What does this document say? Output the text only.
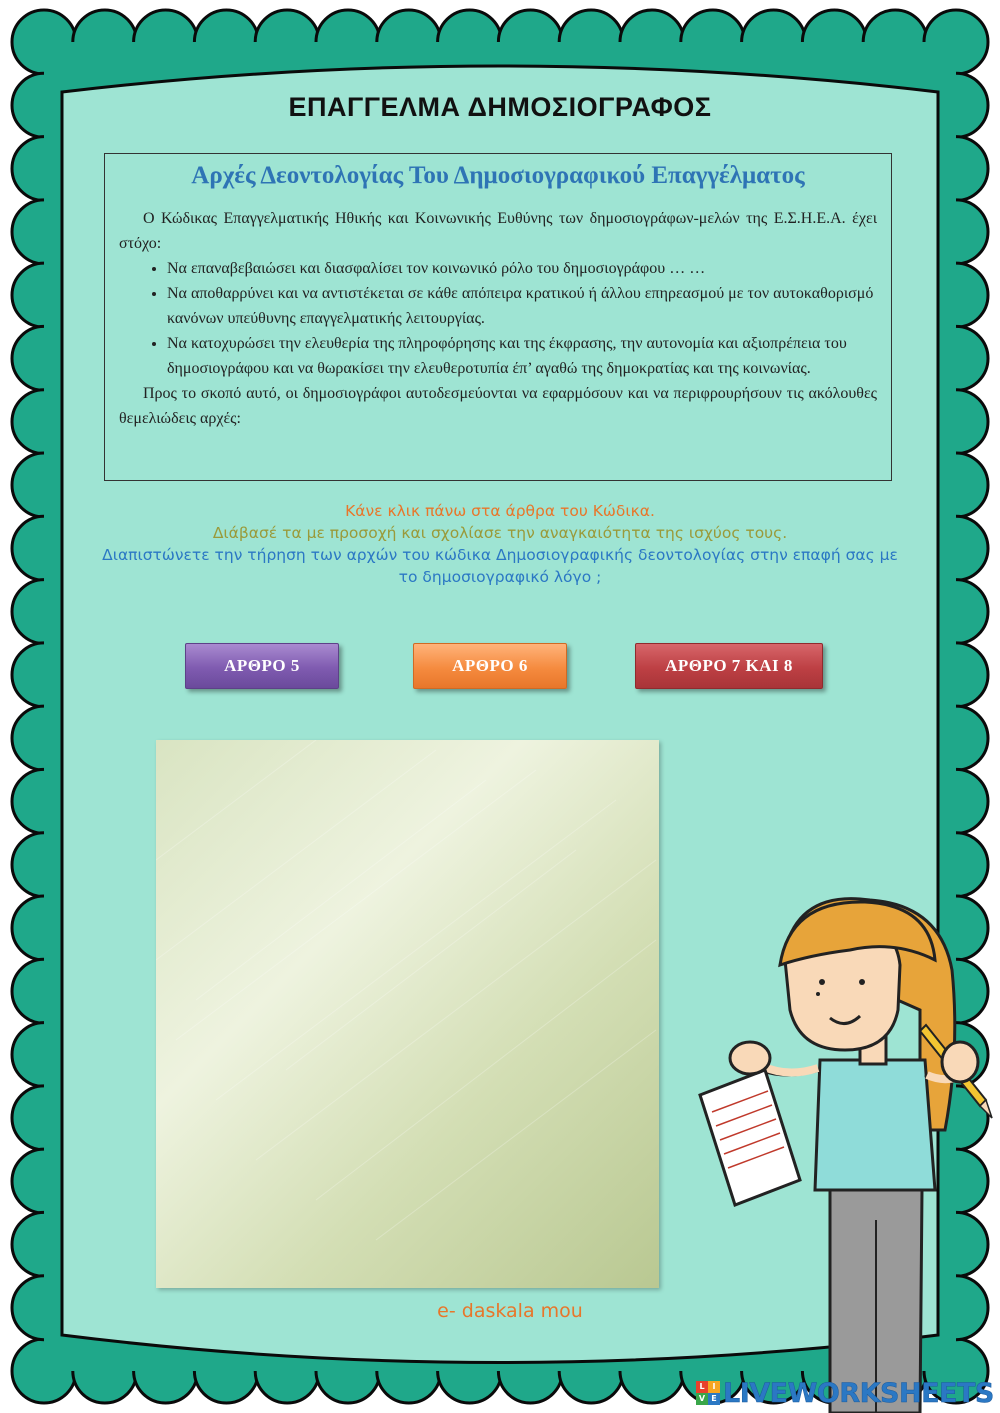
ΕΠΑΓΓΕΛΜΑ ΔΗΜΟΣΙΟΓΡΑΦΟΣ
Αρχές Δεοντολογίας Του Δημοσιογραφικού Επαγγέλματος

Ο Κώδικας Επαγγελματικής Ηθικής και Κοινωνικής Ευθύνης των δημοσιογράφων-μελών της Ε.Σ.Η.Ε.Α. έχει στόχο:

• Να επαναβεβαιώσει και διασφαλίσει τον κοινωνικό ρόλο του δημοσιογράφου … …
• Να αποθαρρύνει και να αντιστέκεται σε κάθε απόπειρα κρατικού ή άλλου επηρεασμού με τον αυτοκαθορισμό κανόνων υπεύθυνης επαγγελματικής λειτουργίας.
• Να κατοχυρώσει την ελευθερία της πληροφόρησης και της έκφρασης, την αυτονομία και αξιοπρέπεια του δημοσιογράφου και να θωρακίσει την ελευθεροτυπία έπ’ αγαθώ της δημοκρατίας και της κοινωνίας.

Προς το σκοπό αυτό, οι δημοσιογράφοι αυτοδεσμεύονται να εφαρμόσουν και να περιφρουρήσουν τις ακόλουθες θεμελιώδεις αρχές:

Κάνε κλικ πάνω στα άρθρα του Κώδικα.
Διάβασέ τα με προσοχή και σχολίασε την αναγκαιότητα της ισχύος τους.
Διαπιστώνετε την τήρηση των αρχών του κώδικα Δημοσιογραφικής δεοντολογίας στην επαφή σας με το δημοσιογραφικό λόγο ;
ΑΡΘΡΟ 5	ΑΡΘΡΟ 6	ΑΡΘΡΟ 7 ΚΑΙ 8
e- daskala mou
L I
V E LIVEWORKSHEETS
